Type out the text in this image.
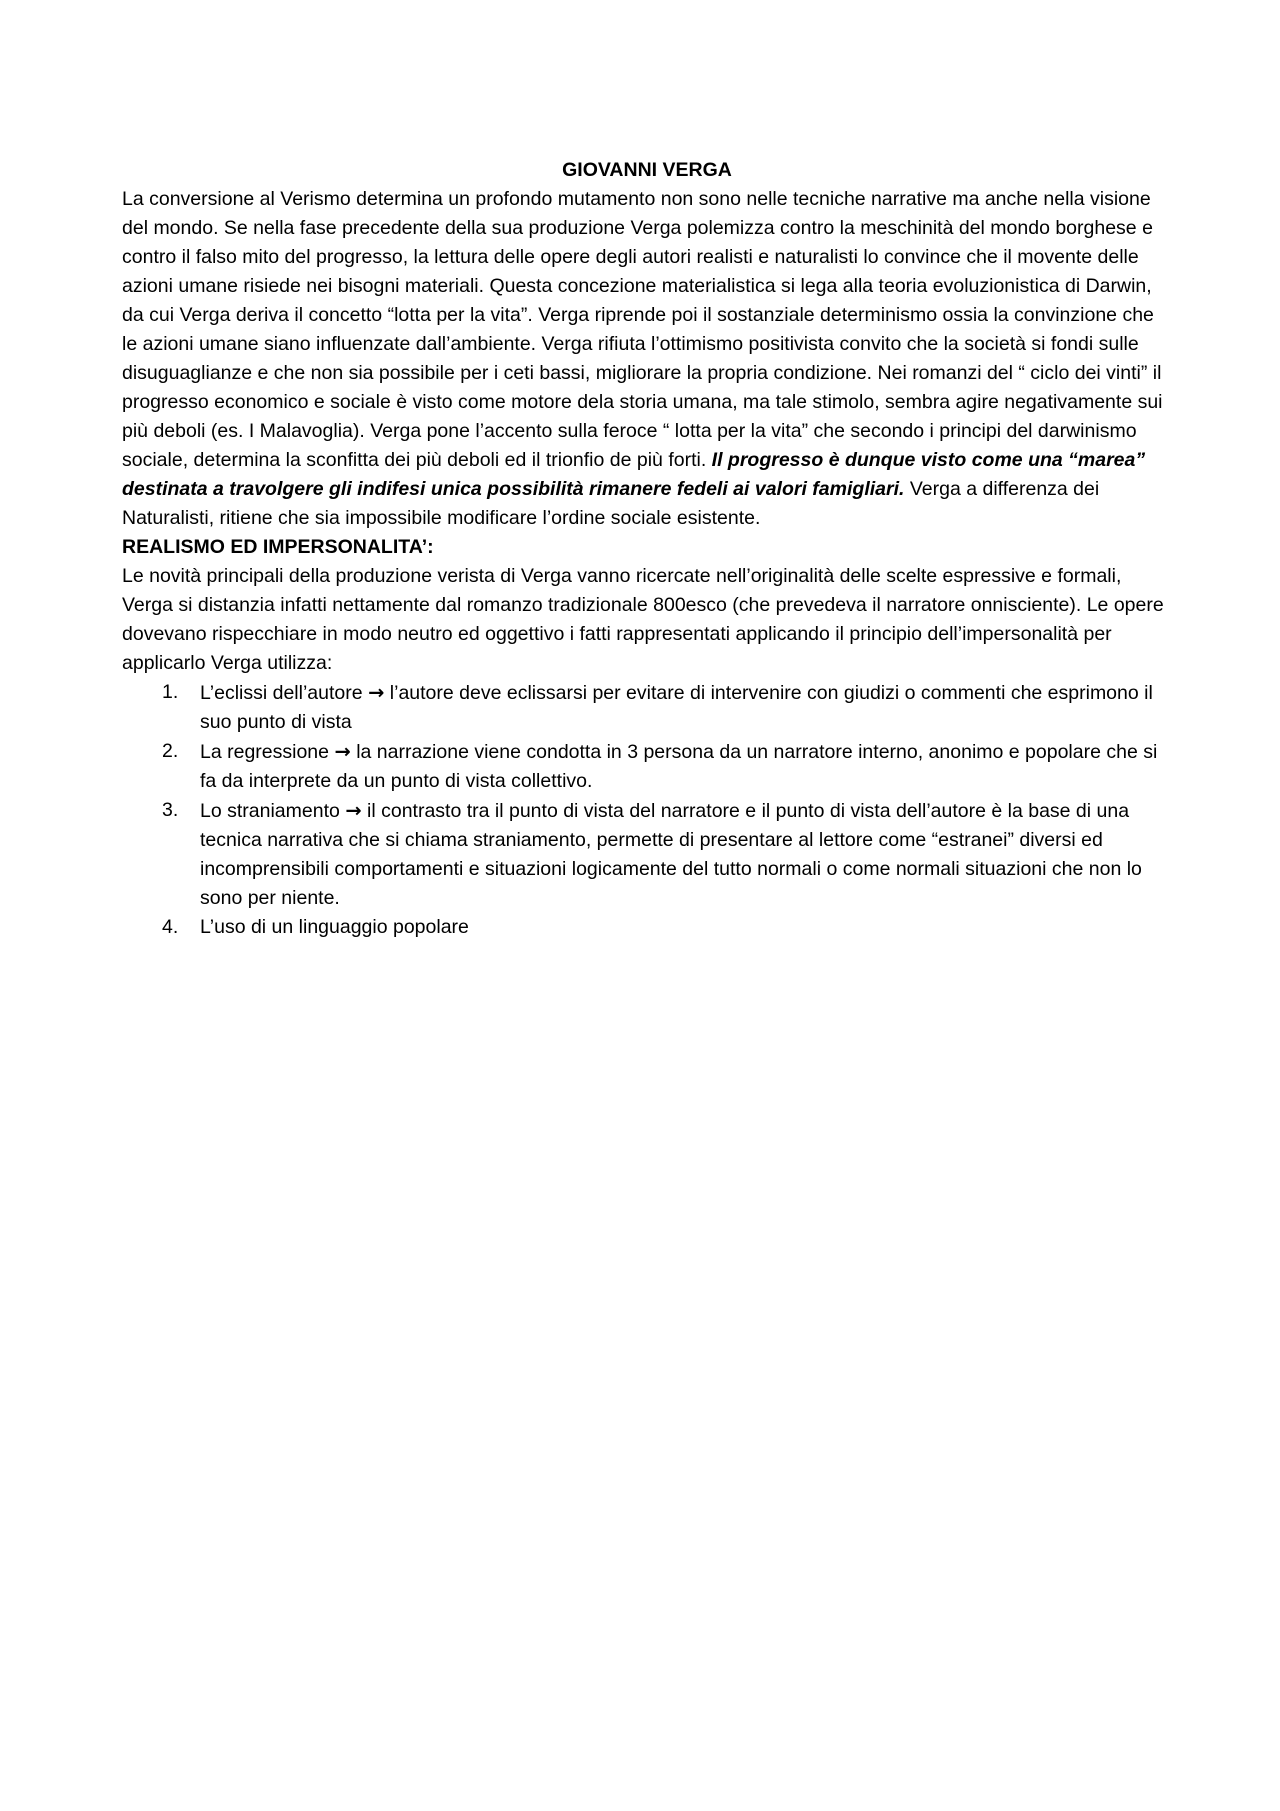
GIOVANNI VERGA

La conversione al Verismo determina un profondo mutamento non sono nelle tecniche narrative ma anche nella visione del mondo. Se nella fase precedente della sua produzione Verga polemizza contro la meschinità del mondo borghese e contro il falso mito del progresso, la lettura delle opere degli autori realisti e naturalisti lo convince che il movente delle azioni umane risiede nei bisogni materiali. Questa concezione materialistica si lega alla teoria evoluzionistica di Darwin, da cui Verga deriva il concetto “lotta per la vita”. Verga riprende poi il sostanziale determinismo ossia la convinzione che le azioni umane siano influenzate dall’ambiente. Verga rifiuta l’ottimismo positivista convito che la società si fondi sulle disuguaglianze e che non sia possibile per i ceti bassi, migliorare la propria condizione. Nei romanzi del “ ciclo dei vinti” il progresso economico e sociale è visto come motore dela storia umana, ma tale stimolo, sembra agire negativamente sui più deboli (es. I Malavoglia). Verga pone l’accento sulla feroce “ lotta per la vita” che secondo i principi del darwinismo sociale, determina la sconfitta dei più deboli ed il trionfio de più forti. Il progresso è dunque visto come una “marea” destinata a travolgere gli indifesi unica possibilità rimanere fedeli ai valori famigliari. Verga a differenza dei Naturalisti, ritiene che sia impossibile modificare l’ordine sociale esistente.

REALISMO ED IMPERSONALITA’:

Le novità principali della produzione verista di Verga vanno ricercate nell’originalità delle scelte espressive e formali, Verga si distanzia infatti nettamente dal romanzo tradizionale 800esco (che prevedeva il narratore onnisciente). Le opere dovevano rispecchiare in modo neutro ed oggettivo i fatti rappresentati applicando il principio dell’impersonalità per applicarlo Verga utilizza:

1. L’eclissi dell’autore → l’autore deve eclissarsi per evitare di intervenire con giudizi o commenti che esprimono il suo punto di vista
2. La regressione → la narrazione viene condotta in 3 persona da un narratore interno, anonimo e popolare che si fa da interprete da un punto di vista collettivo.
3. Lo straniamento → il contrasto tra il punto di vista del narratore e il punto di vista dell’autore è la base di una tecnica narrativa che si chiama straniamento, permette di presentare al lettore come “estranei” diversi ed incomprensibili comportamenti e situazioni logicamente del tutto normali o come normali situazioni che non lo sono per niente.
4. L’uso di un linguaggio popolare
